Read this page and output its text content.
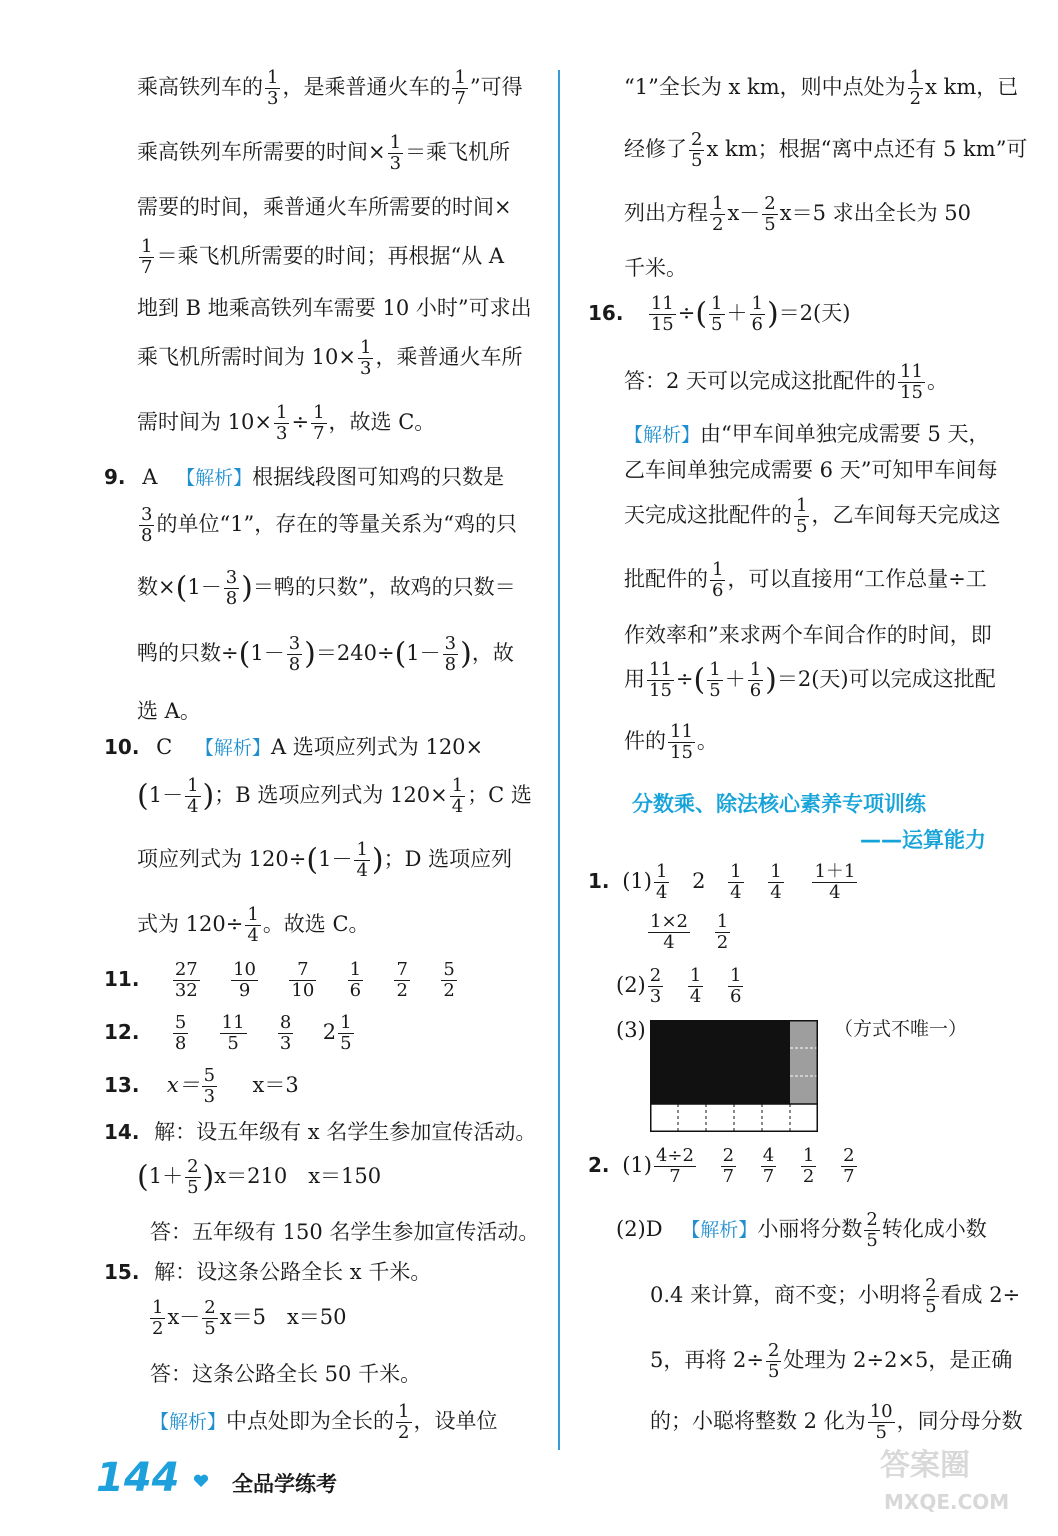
乘高铁列车的 $\frac{1}{3}$ ，是乘普通火车的 $\frac{1}{7}$ ”可得
乘高铁列车所需要的时间× $\frac{1}{3}$ ＝乘飞机所
需要的时间，乘普通火车所需要的时间×
$\frac{1}{7}$ ＝乘飞机所需要的时间；再根据“从 A
地到 B 地乘高铁列车需要 10 小时”可求出
乘飞机所需时间为 $10\times \frac{1}{3}$ ，乘普通火车所
需时间为 $10\times \frac{1}{3} \div \frac{1}{7}$ ，故选 C。
9. A 【解析】根据线段图可知鸡的只数是
$\frac{3}{8}$ 的单位“1”，存在的等量关系为“鸡的只
数$\times(1- \frac{3}{8}$ )＝鸭的只数”，故鸡的只数＝
鸭的只数$\div(1- \frac{3}{8} )=240\div(1- \frac{3}{8}$ )，故
选 A。
10. C 【解析】A 选项应列式为 120×
($1- \frac{1}{4}$ )；B 选项应列式为 $120\times \frac{1}{4}$ ；C 选
项应列式为 $120\div(1- \frac{1}{4}$ )；D 选项应列
式为 $120\div \frac{1}{4}$ 。故选 C。
11. $\frac{27}{32}$
$\frac{10}{9}$
$\frac{7}{10}$
$\frac{1}{6}$
$\frac{7}{2}$
$\frac{5}{2}$
12. $\frac{5}{8}$
$\frac{11}{5}$
$\frac{8}{3} 2 \frac{1}{5}$
13. $x= \frac{5}{3} x=3$
14. 解：设五年级有 x 名学生参加宣传活动。
$(1+ \frac{2}{5} )x=210$　x＝150
答：五年级有 150 名学生参加宣传活动。
15. 解：设这条公路全长 x 千米。
$\frac{1}{2} x- \frac{2}{5} x=5$　x＝50
答：这条公路全长 50 千米。
【解析】中点处即为全长的 $\frac{1}{2}$ ，设单位
“1”全长为 x km，则中点处为 $\frac{1}{2}$ x km，已
经修了 $\frac{2}{5}$ x km；根据“离中点还有 5 km”可
列出方程 $\frac{1}{2} x- \frac{2}{5} x=5$ 求出全长为 50
千米。
16. $\frac{11}{15}$ ÷( $\frac{1}{5} + \frac{1}{6} )=2$(天)
答：2 天可以完成这批配件的 $\frac{11}{15}$ 。
【解析】由“甲车间单独完成需要 5 天，
乙车间单独完成需要 6 天”可知甲车间每
天完成这批配件的 $\frac{1}{5}$ ，乙车间每天完成这
批配件的 $\frac{1}{6}$ ，可以直接用“工作总量÷工
作效率和”来求两个车间合作的时间，即
用 $\frac{11}{15}$ ÷( $\frac{1}{5} + \frac{1}{6} )=2$(天)可以完成这批配
件的 $\frac{11}{15}$ 。
分数乘、除法核心素养专项训练
——运算能力
1. $(1) \frac{1}{4} 2 \frac{1}{4}$
$\frac{1}{4}$
$\frac{1+1}{4}$
$\frac{1\times 2}{4}$
$\frac{1}{2}$
$(2) \frac{2}{3}$
$\frac{1}{4}$
$\frac{1}{6}$
(3)	（方式不唯一）
2. $(1) \frac{4\div 2}{7}$
$\frac{2}{7}$
$\frac{4}{7}$
$\frac{1}{2}$
$\frac{2}{7}$
(2)D 【解析】小丽将分数 $\frac{2}{5}$ 转化成小数
0.4 来计算，商不变；小明将 $\frac{2}{5}$ 看成 2÷
5，再将 $2\div \frac{2}{5}$ 处理为 2÷2×5，是正确
的；小聪将整数 2 化为 $\frac{10}{5}$ ，同分母分数
144	全品学练考
答案圈
MXQE.COM
